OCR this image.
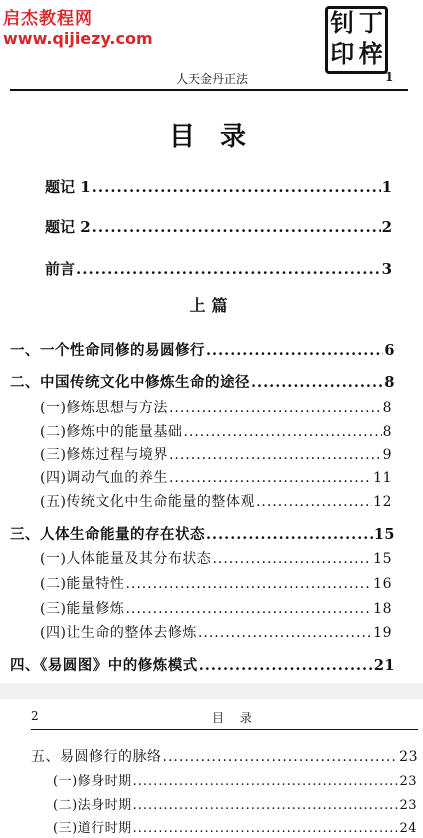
启杰教程网
www.qijiezy.com
钊 丁
印 梓
人天金丹正法	1
目 录
题记 1 .....	1
题记 2 .....	2
前言 .....	3
上篇
一、一个性命同修的易圆修行 .....	6
二、中国传统文化中修炼生命的途径 .....	8
(一)修炼思想与方法 .....	8
(二)修炼中的能量基础 .....	8
(三)修炼过程与境界 .....	9
(四)调动气血的养生 .....	11
(五)传统文化中生命能量的整体观 .....	12
三、人体生命能量的存在状态 .....	15
(一)人体能量及其分布状态 .....	15
(二)能量特性 .....	16
(三)能量修炼 .....	18
(四)让生命的整体去修炼 .....	19
四、《易圆图》中的修炼模式 .....	21
2	目 录
五、易圆修行的脉络 .....	23
(一)修身时期 .....	23
(二)法身时期 .....	23
(三)道行时期 .....	24
